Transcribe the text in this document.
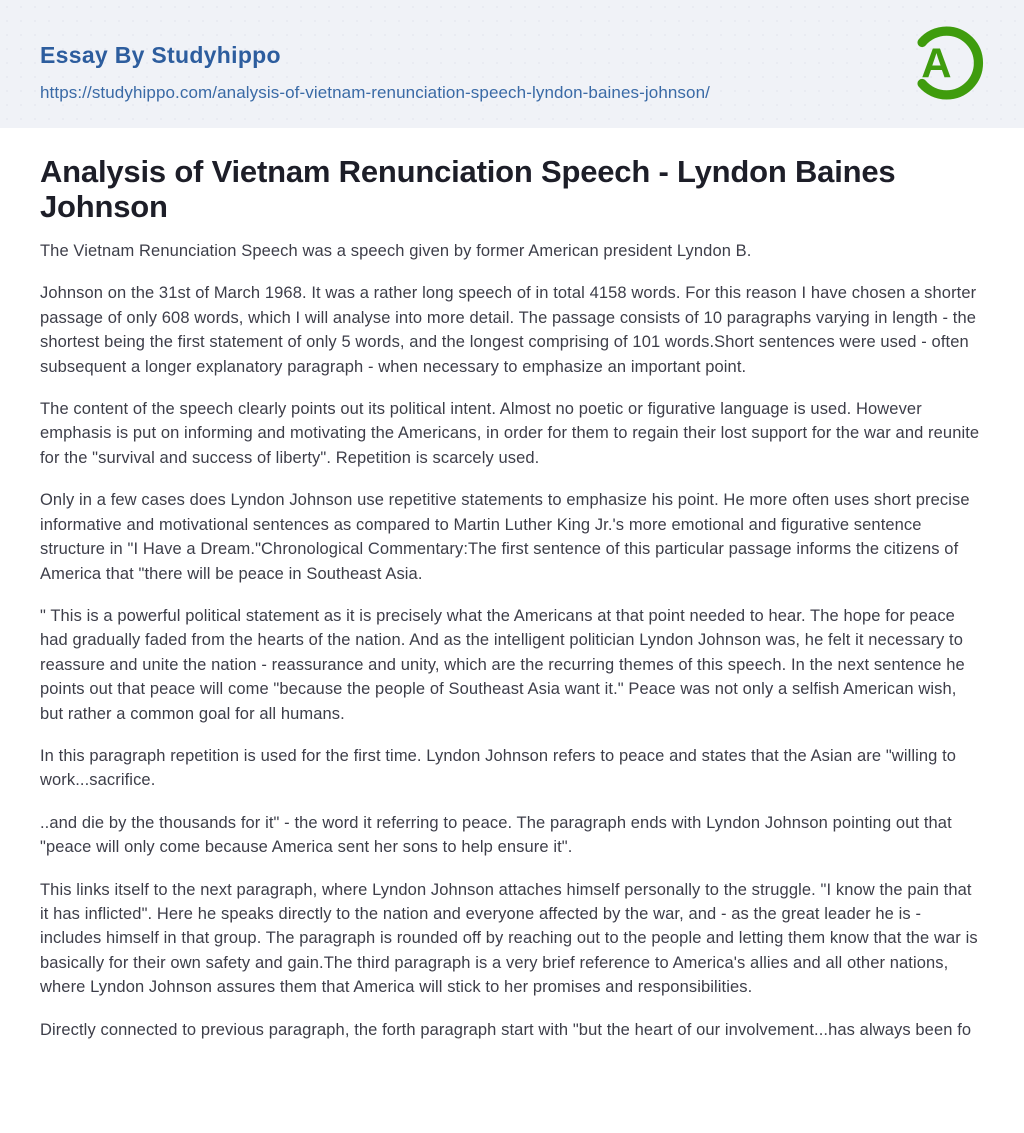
Essay By Studyhippo
https://studyhippo.com/analysis-of-vietnam-renunciation-speech-lyndon-baines-johnson/
A
Analysis of Vietnam Renunciation Speech - Lyndon Baines Johnson

The Vietnam Renunciation Speech was a speech given by former American president Lyndon B.

Johnson on the 31st of March 1968. It was a rather long speech of in total 4158 words. For this reason I have chosen a shorter passage of only 608 words, which I will analyse into more detail. The passage consists of 10 paragraphs varying in length - the shortest being the first statement of only 5 words, and the longest comprising of 101 words.Short sentences were used - often subsequent a longer explanatory paragraph - when necessary to emphasize an important point.

The content of the speech clearly points out its political intent. Almost no poetic or figurative language is used. However emphasis is put on informing and motivating the Americans, in order for them to regain their lost support for the war and reunite for the "survival and success of liberty". Repetition is scarcely used.

Only in a few cases does Lyndon Johnson use repetitive statements to emphasize his point. He more often uses short precise informative and motivational sentences as compared to Martin Luther King Jr.'s more emotional and figurative sentence structure in "I Have a Dream."Chronological Commentary:The first sentence of this particular passage informs the citizens of America that "there will be peace in Southeast Asia.

" This is a powerful political statement as it is precisely what the Americans at that point needed to hear. The hope for peace had gradually faded from the hearts of the nation. And as the intelligent politician Lyndon Johnson was, he felt it necessary to reassure and unite the nation - reassurance and unity, which are the recurring themes of this speech. In the next sentence he points out that peace will come "because the people of Southeast Asia want it." Peace was not only a selfish American wish, but rather a common goal for all humans.

In this paragraph repetition is used for the first time. Lyndon Johnson refers to peace and states that the Asian are "willing to work...sacrifice.

..and die by the thousands for it" - the word it referring to peace. The paragraph ends with Lyndon Johnson pointing out that "peace will only come because America sent her sons to help ensure it".

This links itself to the next paragraph, where Lyndon Johnson attaches himself personally to the struggle. "I know the pain that it has inflicted". Here he speaks directly to the nation and everyone affected by the war, and - as the great leader he is - includes himself in that group. The paragraph is rounded off by reaching out to the people and letting them know that the war is basically for their own safety and gain.The third paragraph is a very brief reference to America's allies and all other nations, where Lyndon Johnson assures them that America will stick to her promises and responsibilities.

Directly connected to previous paragraph, the forth paragraph start with "but the heart of our involvement...has always been fo
